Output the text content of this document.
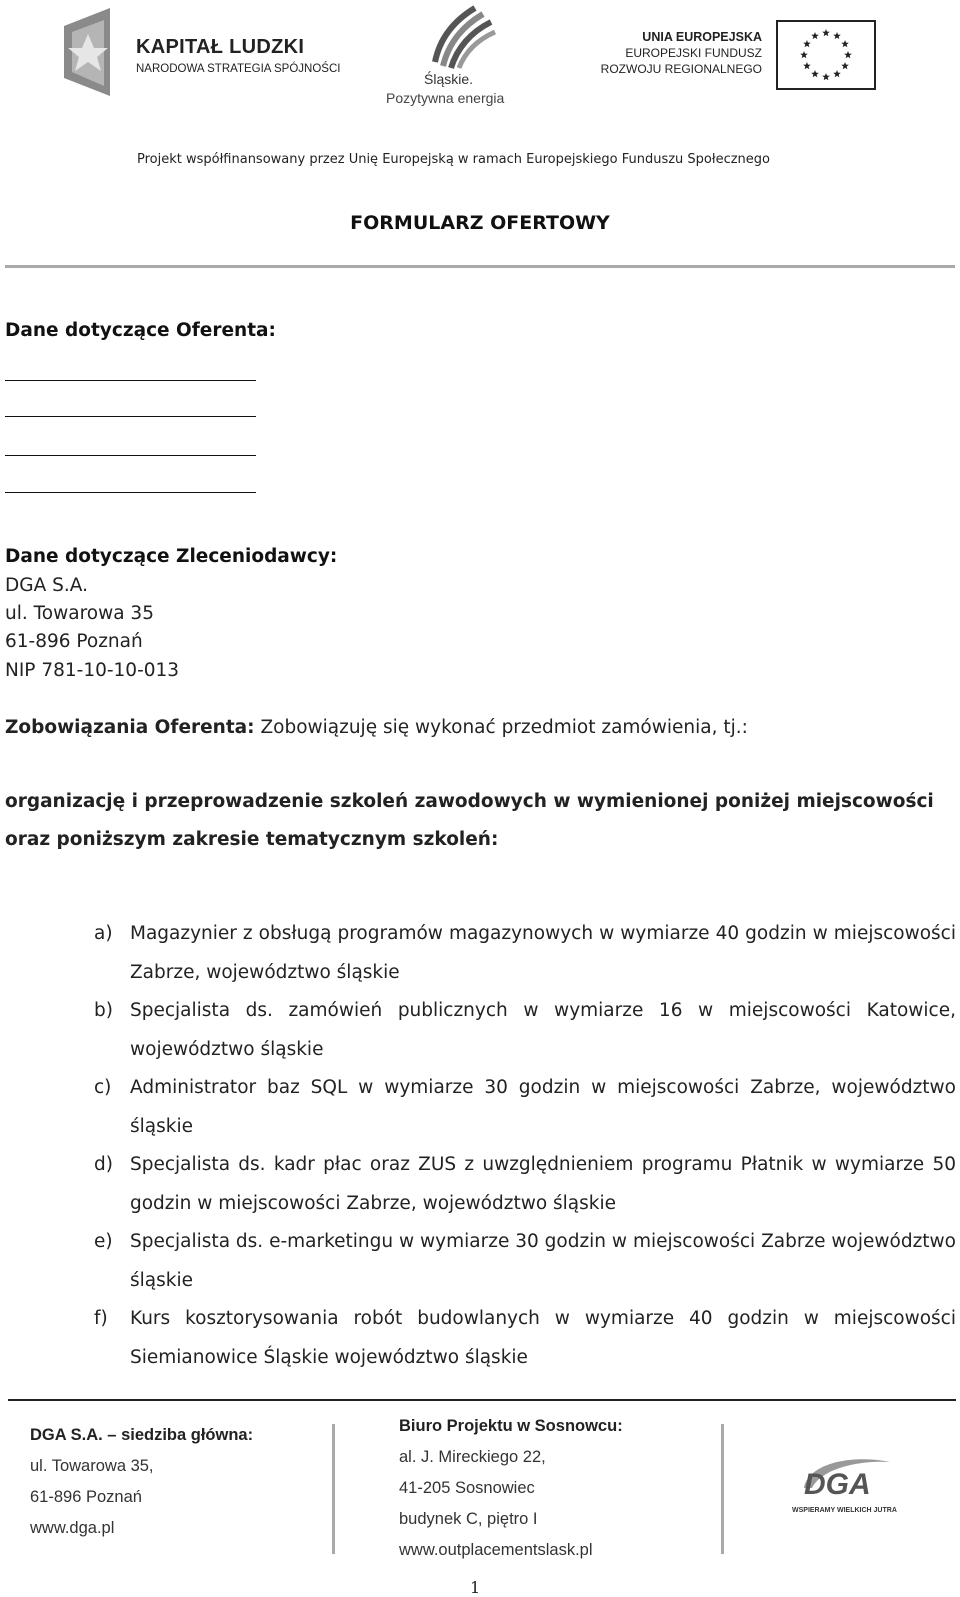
KAPITAŁ LUDZKI
NARODOWA STRATEGIA SPÓJNOŚCI
Śląskie.
Pozytywna energia
UNIA EUROPEJSKA
EUROPEJSKI FUNDUSZ
ROZWOJU REGIONALNEGO
Projekt współfinansowany przez Unię Europejską w ramach Europejskiego Funduszu Społecznego
FORMULARZ OFERTOWY
Dane dotyczące Oferenta:
Dane dotyczące Zleceniodawcy:
DGA S.A.
ul. Towarowa 35
61-896 Poznań
NIP 781-10-10-013
Zobowiązania Oferenta: Zobowiązuję się wykonać przedmiot zamówienia, tj.:
organizację i przeprowadzenie szkoleń zawodowych w wymienionej poniżej miejscowości
oraz poniższym zakresie tematycznym szkoleń:
a) Magazynier z obsługą programów magazynowych w wymiarze 40 godzin w miejscowości Zabrze, województwo śląskie
b) Specjalista ds. zamówień publicznych w wymiarze 16 w miejscowości Katowice, województwo śląskie
c)	Administrator baz SQL w wymiarze 30 godzin w miejscowości Zabrze, województwo śląskie
d) Specjalista ds. kadr płac oraz ZUS z uwzględnieniem programu Płatnik w wymiarze 50 godzin w miejscowości Zabrze, województwo śląskie
e) Specjalista ds. e-marketingu w wymiarze 30 godzin w miejscowości Zabrze województwo śląskie
f)	Kurs kosztorysowania robót budowlanych w wymiarze 40 godzin w miejscowości Siemianowice Śląskie województwo śląskie
DGA S.A. – siedziba główna:
ul. Towarowa 35,
61-896 Poznań
www.dga.pl
Biuro Projektu w Sosnowcu:
al. J. Mireckiego 22,
41-205 Sosnowiec
budynek C, piętro I
www.outplacementslask.pl
DGA
WSPIERAMY WIELKICH JUTRA
1
